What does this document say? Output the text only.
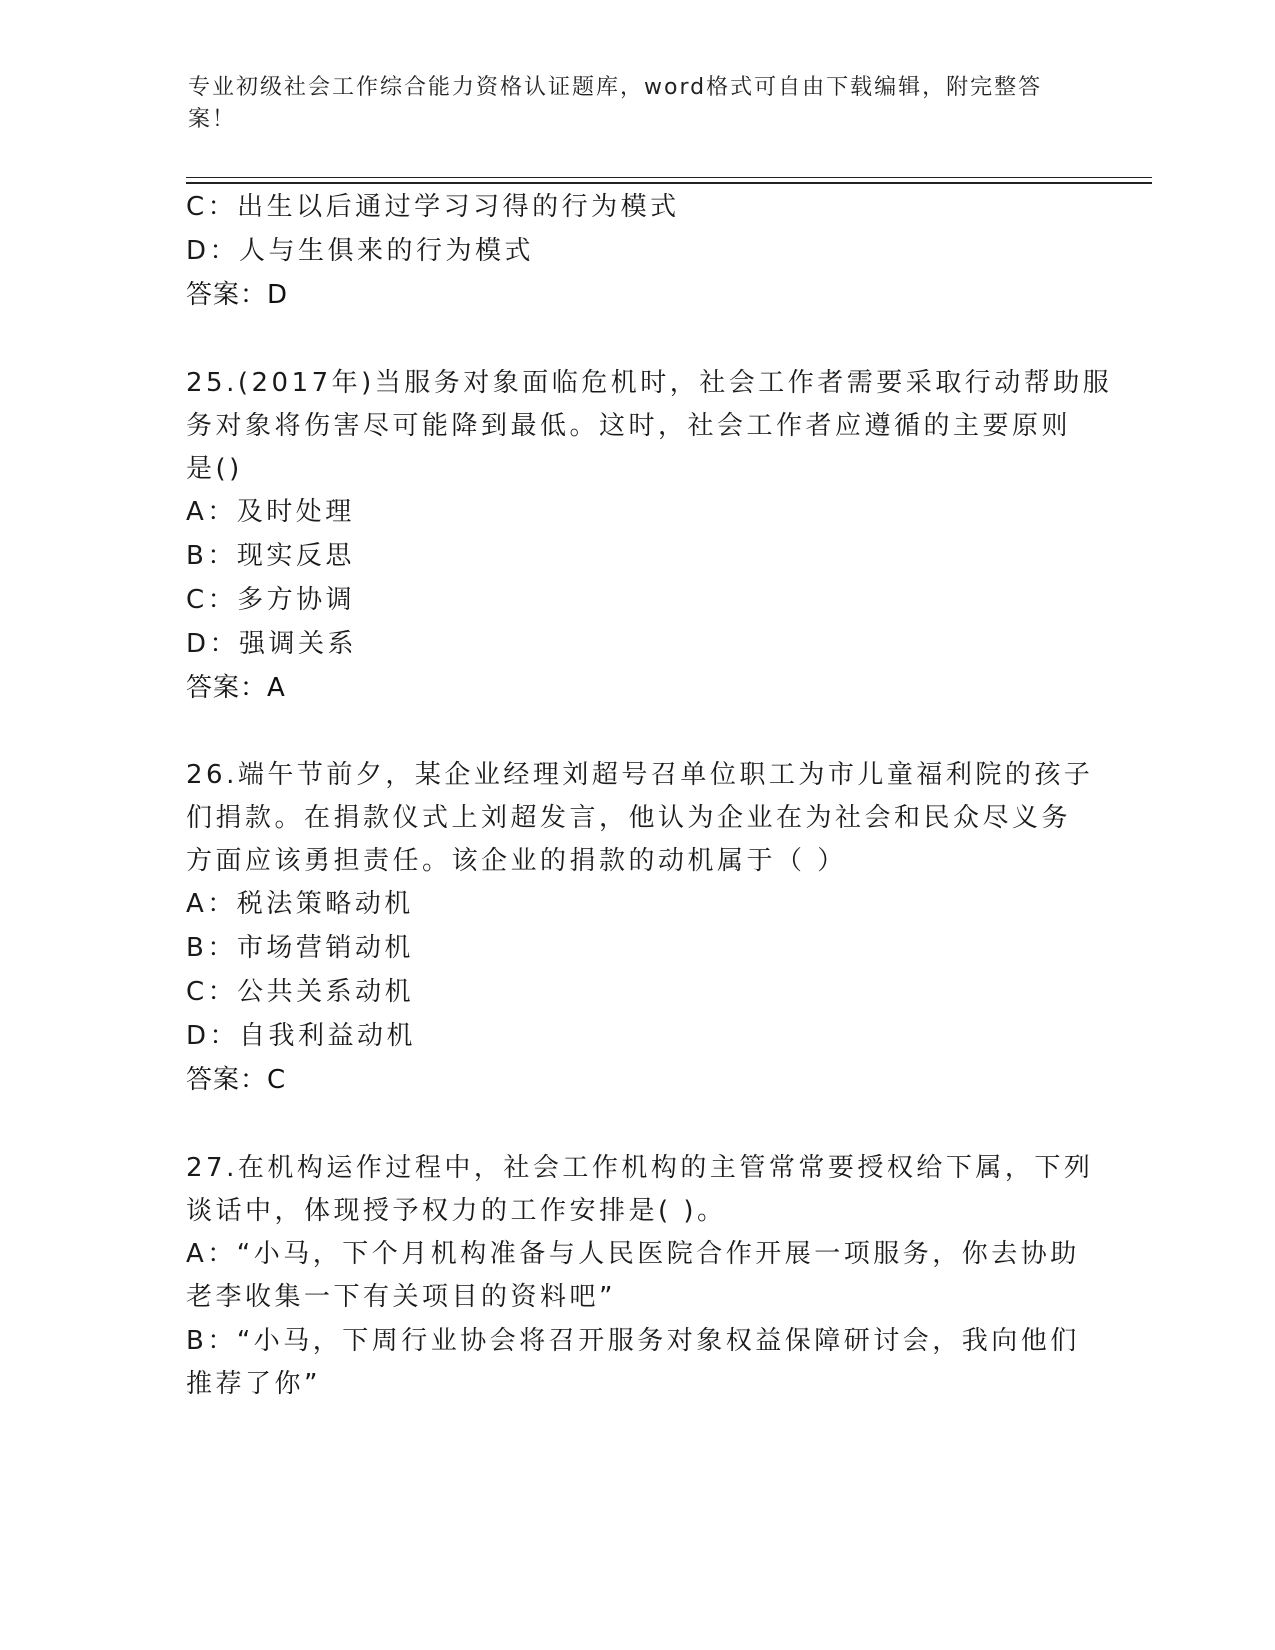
专业初级社会工作综合能力资格认证题库，word格式可自由下载编辑，附完整答
案！
C：出生以后通过学习习得的行为模式
D：人与生俱来的行为模式
答案：D
25.(2017年)当服务对象面临危机时，社会工作者需要采取行动帮助服
务对象将伤害尽可能降到最低。这时，社会工作者应遵循的主要原则
是()
A：及时处理
B：现实反思
C：多方协调
D：强调关系
答案：A
26.端午节前夕，某企业经理刘超号召单位职工为市儿童福利院的孩子
们捐款。在捐款仪式上刘超发言，他认为企业在为社会和民众尽义务
方面应该勇担责任。该企业的捐款的动机属于（ ）
A：税法策略动机
B：市场营销动机
C：公共关系动机
D：自我利益动机
答案：C
27.在机构运作过程中，社会工作机构的主管常常要授权给下属，下列
谈话中，体现授予权力的工作安排是( )。
A：“小马，下个月机构准备与人民医院合作开展一项服务，你去协助
老李收集一下有关项目的资料吧”
B：“小马，下周行业协会将召开服务对象权益保障研讨会，我向他们
推荐了你”
